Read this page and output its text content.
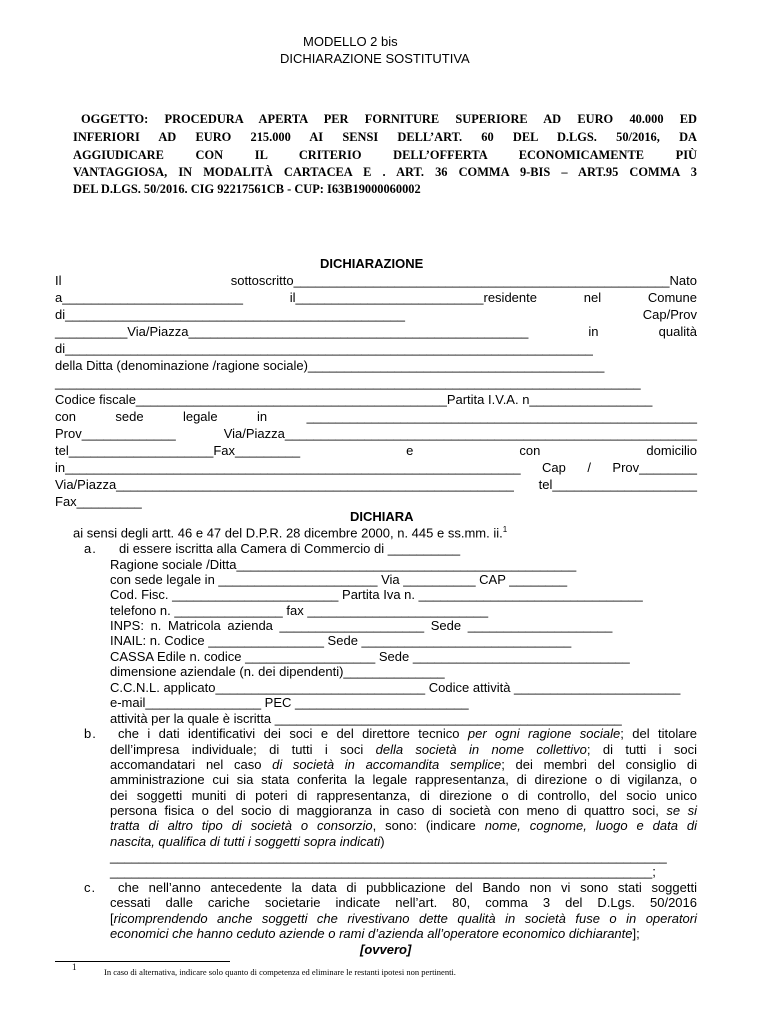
MODELLO 2 bis
DICHIARAZIONE SOSTITUTIVA
OGGETTO: PROCEDURA APERTA PER FORNITURE SUPERIORE AD EURO 40.000 ED
INFERIORI AD EURO 215.000 AI SENSI DELL’ART. 60 DEL D.LGS. 50/2016, DA
AGGIUDICARE CON IL CRITERIO DELL’OFFERTA ECONOMICAMENTE PIÙ
VANTAGGIOSA, IN MODALITÀ CARTACEA E . ART. 36 COMMA 9-BIS – ART.95 COMMA 3
DEL D.LGS. 50/2016. CIG 92217561CB - CUP: I63B19000060002
DICHIARAZIONE
Il	sottoscritto____________________________________________________Nato
a_________________________	il__________________________residente	nel	Comune
di_______________________________________________	Cap/Prov
__________Via/Piazza_______________________________________________	in	qualità
di_________________________________________________________________________
della Ditta (denominazione /ragione sociale)_________________________________________
_________________________________________________________________________________
Codice fiscale___________________________________________Partita I.V.A. n_________________
con	sede	legale	in	______________________________________________________
Prov_____________	Via/Piazza_________________________________________________________
tel____________________Fax_________	e	con	domicilio
in_______________________________________________________________ Cap / Prov________
Via/Piazza_______________________________________________________ tel____________________
Fax_________
DICHIARA
ai sensi degli artt. 46 e 47 del D.P.R. 28 dicembre 2000, n. 445 e ss.mm. ii.$^1$
a. di essere iscritta alla Camera di Commercio di __________
Ragione sociale /Ditta_______________________________________________
con sede legale in ______________________ Via __________ CAP ________
Cod. Fisc. _______________________ Partita Iva n. _______________________________
telefono n. _______________ fax _________________________
INPS: n. Matricola azienda ____________________ Sede ____________________
INAIL: n. Codice ________________ Sede _____________________________
CASSA Edile n. codice __________________ Sede ______________________________
dimensione aziendale (n. dei dipendenti)______________
C.C.N.L. applicato_____________________________ Codice attività _______________________
e-mail________________ PEC ________________________
attività per la quale è iscritta ________________________________________________
b. che i dati identificativi dei soci e del direttore tecnico per ogni ragione sociale; del titolare
dell’impresa individuale; di tutti i soci della società in nome collettivo; di tutti i soci
accomandatari nel caso di società in accomandita semplice; dei membri del consiglio di
amministrazione cui sia stata conferita la legale rappresentanza, di direzione o di vigilanza, o
dei soggetti muniti di poteri di rappresentanza, di direzione o di controllo, del socio unico
persona fisica o del socio di maggioranza in caso di società con meno di quattro soci, se si
tratta di altro tipo di società o consorzio, sono: (indicare nome, cognome, luogo e data di
nascita, qualifica di tutti i soggetti sopra indicati)
_____________________________________________________________________________
___________________________________________________________________________;
c. che nell’anno antecedente la data di pubblicazione del Bando non vi sono stati soggetti
cessati dalle cariche societarie indicate nell’art. 80, comma 3 del D.Lgs. 50/2016
[ricomprendendo anche soggetti che rivestivano dette qualità in società fuse o in operatori
economici che hanno ceduto aziende o rami d’azienda all’operatore economico dichiarante];
[ovvero]
1	In caso di alternativa, indicare solo quanto di competenza ed eliminare le restanti ipotesi non pertinenti.
